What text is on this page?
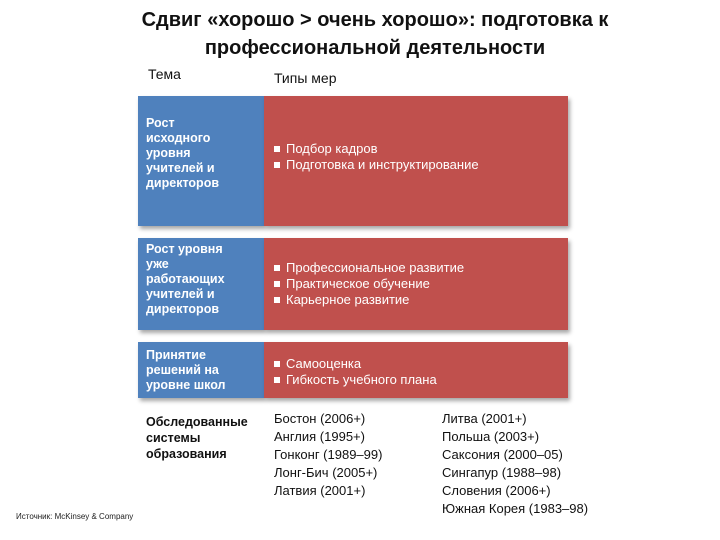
Сдвиг «хорошо > очень хорошо»: подготовка к
профессиональной деятельности
Тема	Типы мер
Рост
исходного
уровня
учителей и
директоров
Подбор кадров
Подготовка и инструктирование
Рост уровня
уже
работающих
учителей и
директоров
Профессиональное развитие
Практическое обучение
Карьерное развитие
Принятие
решений на
уровне школ
Самооценка
Гибкость учебного плана
Обследованные
системы
образования
Бостон (2006+)
Англия (1995+)
Гонконг (1989–99)
Лонг-Бич (2005+)
Латвия (2001+)
Литва (2001+)
Польша (2003+)
Саксония (2000–05)
Сингапур (1988–98)
Словения (2006+)
Южная Корея (1983–98)
Источник: McKinsey & Company
